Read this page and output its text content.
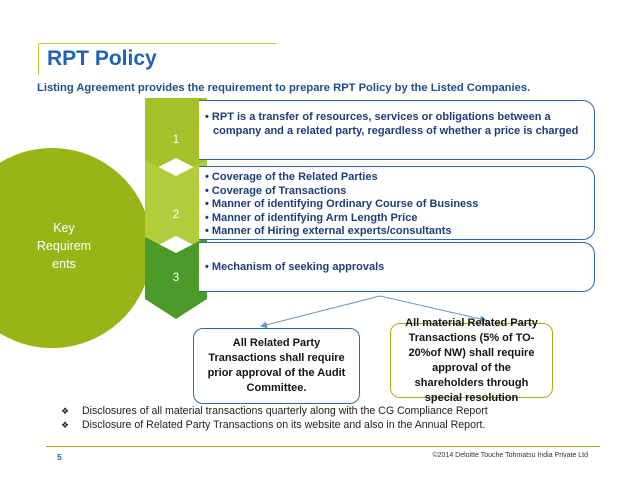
RPT Policy
Listing Agreement provides the requirement to prepare RPT Policy by the Listed Companies.
Key Requirem ents
1
2
3
• RPT is a transfer of resources, services or obligations between a company and a related party, regardless of whether a price is charged
• Coverage of the Related Parties
• Coverage of Transactions
• Manner of identifying Ordinary Course of Business
• Manner of identifying Arm Length Price
• Manner of Hiring external experts/consultants
• Mechanism of seeking approvals
All Related Party Transactions shall require prior approval of the Audit Committee.
All material Related Party Transactions (5% of TO-20%of NW) shall require approval of the shareholders through special resolution
❖	Disclosures of all material transactions quarterly along with the CG Compliance Report
❖	Disclosure of Related Party Transactions on its website and also in the Annual Report.
5	©2014 Deloitte Touche Tohmatsu India Private Ltd
